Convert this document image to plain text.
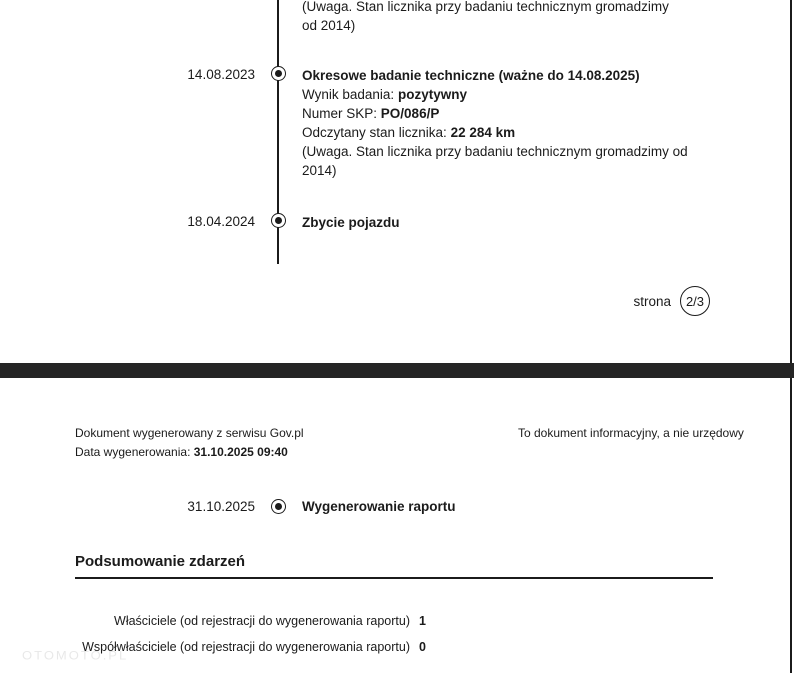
(Uwaga. Stan licznika przy badaniu technicznym gromadzimy od 2014)
14.08.2023	Okresowe badanie techniczne (ważne do 14.08.2025)

Wynik badania: pozytywny

Numer SKP: PO/086/P

Odczytany stan licznika: 22 284 km

(Uwaga. Stan licznika przy badaniu technicznym gromadzimy od 2014)

18.04.2024	Zbycie pojazdu

strona	2/3
Dokument wygenerowany z serwisu Gov.pl
Data wygenerowania: 31.10.2025 09:40
To dokument informacyjny, a nie urzędowy
31.10.2025	Wygenerowanie raportu
Podsumowanie zdarzeń
Właściciele (od rejestracji do wygenerowania raportu) 1
Współwłaściciele (od rejestracji do wygenerowania raportu) 0
